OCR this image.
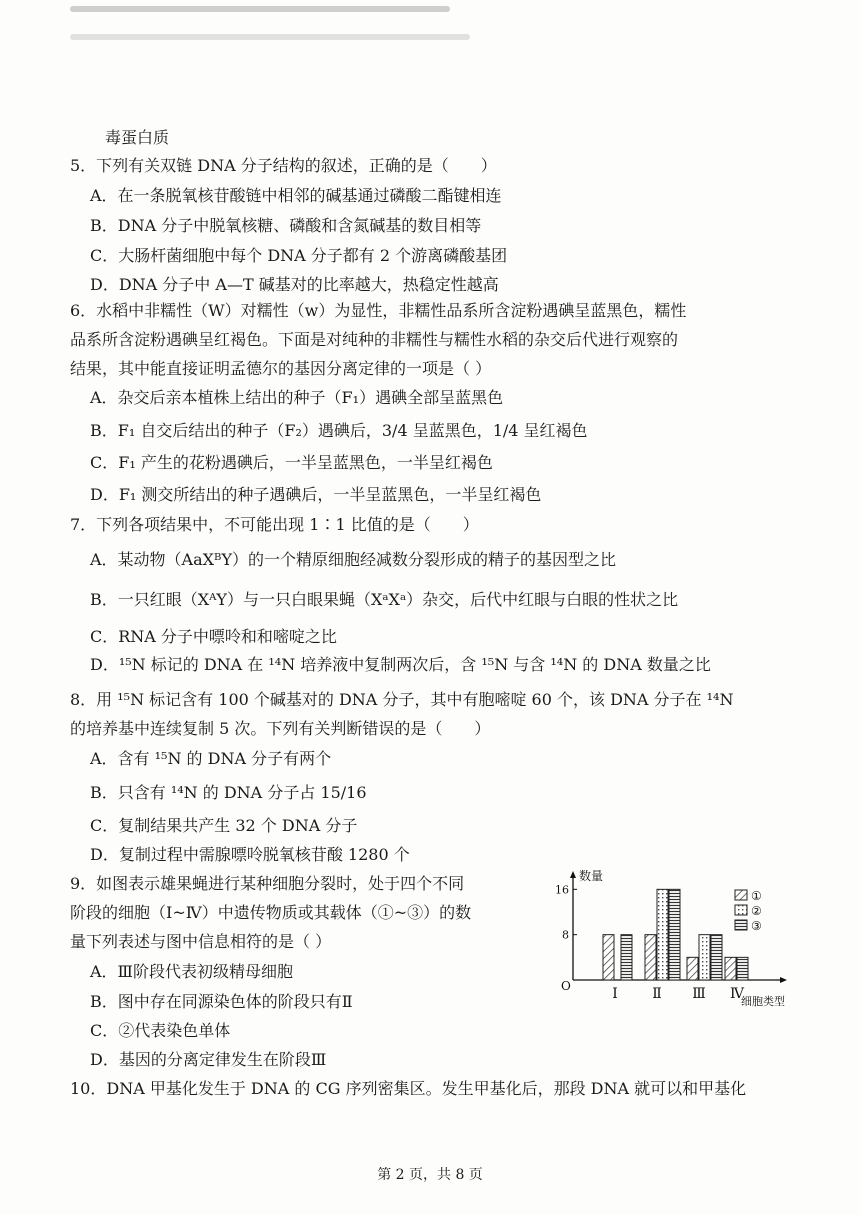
毒蛋白质
5．下列有关双链 DNA 分子结构的叙述，正确的是（　　）
A．在一条脱氧核苷酸链中相邻的碱基通过磷酸二酯键相连
B．DNA 分子中脱氧核糖、磷酸和含氮碱基的数目相等
C．大肠杆菌细胞中每个 DNA 分子都有 2 个游离磷酸基团
D．DNA 分子中 A—T 碱基对的比率越大，热稳定性越高
6．水稻中非糯性（W）对糯性（w）为显性，非糯性品系所含淀粉遇碘呈蓝黑色，糯性
品系所含淀粉遇碘呈红褐色。下面是对纯种的非糯性与糯性水稻的杂交后代进行观察的
结果，其中能直接证明孟德尔的基因分离定律的一项是（ ）
A．杂交后亲本植株上结出的种子（F₁）遇碘全部呈蓝黑色
B．F₁ 自交后结出的种子（F₂）遇碘后，3/4 呈蓝黑色，1/4 呈红褐色
C．F₁ 产生的花粉遇碘后，一半呈蓝黑色，一半呈红褐色
D．F₁ 测交所结出的种子遇碘后，一半呈蓝黑色，一半呈红褐色
7．下列各项结果中，不可能出现 1∶1 比值的是（　　）
A．某动物（AaXᴮY）的一个精原细胞经减数分裂形成的精子的基因型之比
B．一只红眼（XᴬY）与一只白眼果蝇（XᵃXᵃ）杂交，后代中红眼与白眼的性状之比
C．RNA 分子中嘌呤和和嘧啶之比
D．¹⁵N 标记的 DNA 在 ¹⁴N 培养液中复制两次后，含 ¹⁵N 与含 ¹⁴N 的 DNA 数量之比
8．用 ¹⁵N 标记含有 100 个碱基对的 DNA 分子，其中有胞嘧啶 60 个，该 DNA 分子在 ¹⁴N
的培养基中连续复制 5 次。下列有关判断错误的是（　　）
A．含有 ¹⁵N 的 DNA 分子有两个
B．只含有 ¹⁴N 的 DNA 分子占 15/16
C．复制结果共产生 32 个 DNA 分子
D．复制过程中需腺嘌呤脱氧核苷酸 1280 个
9．如图表示雄果蝇进行某种细胞分裂时，处于四个不同
阶段的细胞（Ⅰ~Ⅳ）中遗传物质或其载体（①~③）的数
量下列表述与图中信息相符的是（ ）
A．Ⅲ阶段代表初级精母细胞
B．图中存在同源染色体的阶段只有Ⅱ
C．②代表染色单体
D．基因的分离定律发生在阶段Ⅲ
10．DNA 甲基化发生于 DNA 的 CG 序列密集区。发生甲基化后，那段 DNA 就可以和甲基化
①
②
③
数量
O
16
8
Ⅰ Ⅱ Ⅲ Ⅳ
细胞类型
第 2 页，共 8 页
